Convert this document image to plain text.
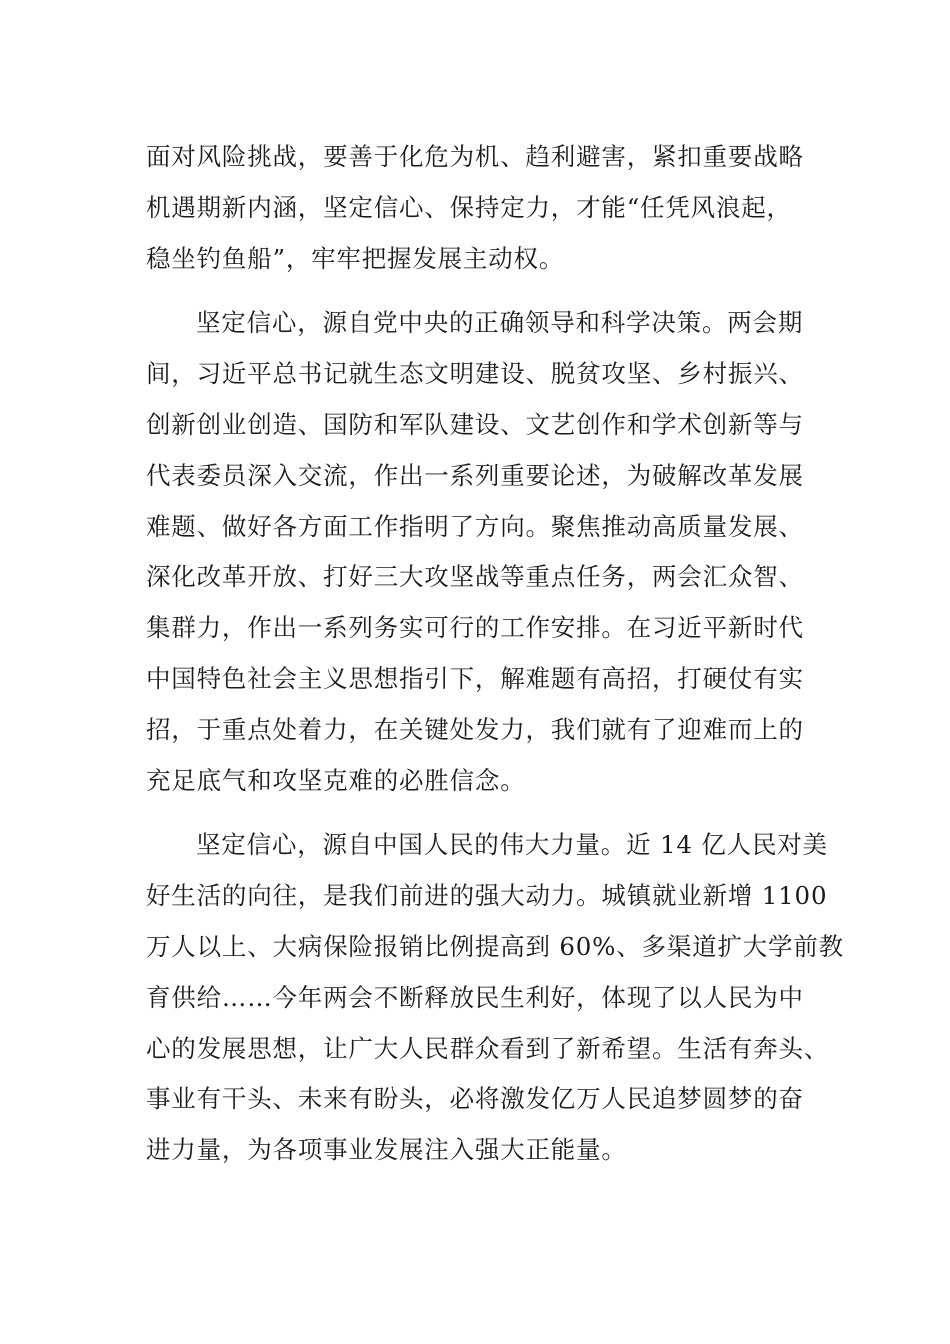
面对风险挑战，要善于化危为机、趋利避害，紧扣重要战略
机遇期新内涵，坚定信心、保持定力，才能“任凭风浪起，
稳坐钓鱼船”，牢牢把握发展主动权。

坚定信心，源自党中央的正确领导和科学决策。两会期
间，习近平总书记就生态文明建设、脱贫攻坚、乡村振兴、
创新创业创造、国防和军队建设、文艺创作和学术创新等与
代表委员深入交流，作出一系列重要论述，为破解改革发展
难题、做好各方面工作指明了方向。聚焦推动高质量发展、
深化改革开放、打好三大攻坚战等重点任务，两会汇众智、
集群力，作出一系列务实可行的工作安排。在习近平新时代
中国特色社会主义思想指引下，解难题有高招，打硬仗有实
招，于重点处着力，在关键处发力，我们就有了迎难而上的
充足底气和攻坚克难的必胜信念。

坚定信心，源自中国人民的伟大力量。近 14 亿人民对美
好生活的向往，是我们前进的强大动力。城镇就业新增 1100
万人以上、大病保险报销比例提高到 60%、多渠道扩大学前教
育供给……今年两会不断释放民生利好，体现了以人民为中
心的发展思想，让广大人民群众看到了新希望。生活有奔头、
事业有干头、未来有盼头，必将激发亿万人民追梦圆梦的奋
进力量，为各项事业发展注入强大正能量。
